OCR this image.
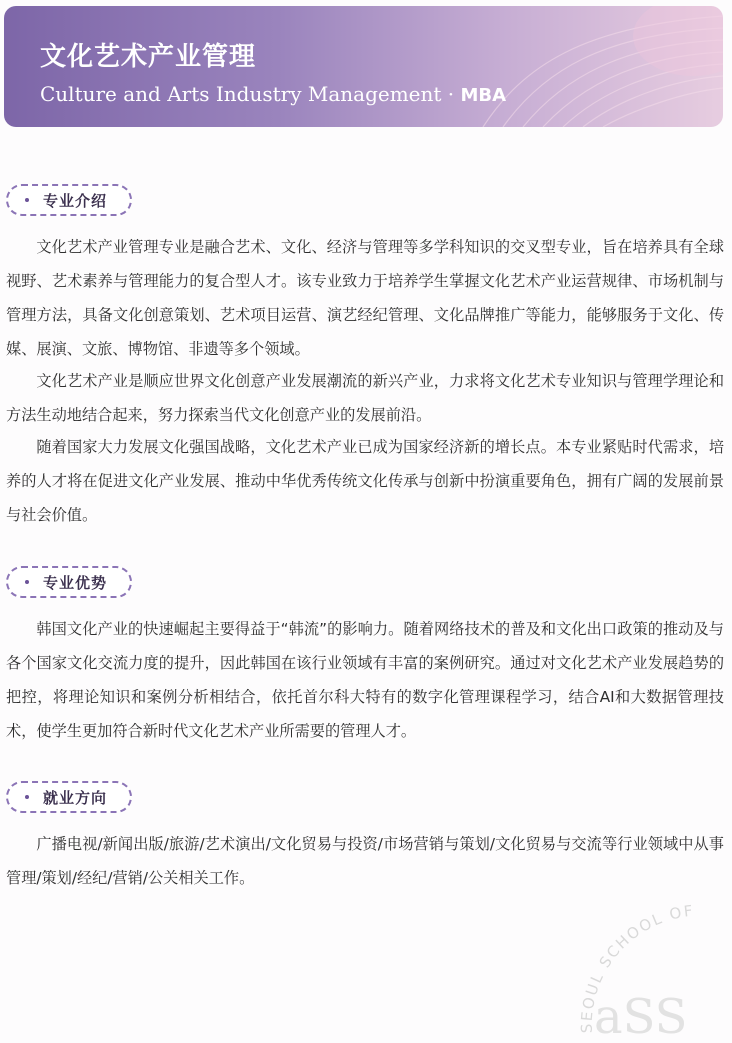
文化艺术产业管理
Culture and Arts Industry Management · MBA
专业介绍

文化艺术产业管理专业是融合艺术、文化、经济与管理等多学科知识的交叉型专业，旨在培养具有全球视野、艺术素养与管理能力的复合型人才。该专业致力于培养学生掌握文化艺术产业运营规律、市场机制与管理方法，具备文化创意策划、艺术项目运营、演艺经纪管理、文化品牌推广等能力，能够服务于文化、传媒、展演、文旅、博物馆、非遗等多个领域。

文化艺术产业是顺应世界文化创意产业发展潮流的新兴产业，力求将文化艺术专业知识与管理学理论和方法生动地结合起来，努力探索当代文化创意产业的发展前沿。

随着国家大力发展文化强国战略，文化艺术产业已成为国家经济新的增长点。本专业紧贴时代需求，培养的人才将在促进文化产业发展、推动中华优秀传统文化传承与创新中扮演重要角色，拥有广阔的发展前景与社会价值。

专业优势

韩国文化产业的快速崛起主要得益于“韩流”的影响力。随着网络技术的普及和文化出口政策的推动及与各个国家文化交流力度的提升，因此韩国在该行业领域有丰富的案例研究。通过对文化艺术产业发展趋势的把控，将理论知识和案例分析相结合，依托首尔科大特有的数字化管理课程学习，结合AI和大数据管理技术，使学生更加符合新时代文化艺术产业所需要的管理人才。

就业方向

广播电视/新闻出版/旅游/艺术演出/文化贸易与投资/市场营销与策划/文化贸易与交流等行业领域中从事管理/策划/经纪/营销/公关相关工作。

SEOUL SCHOOL OF
aSS
